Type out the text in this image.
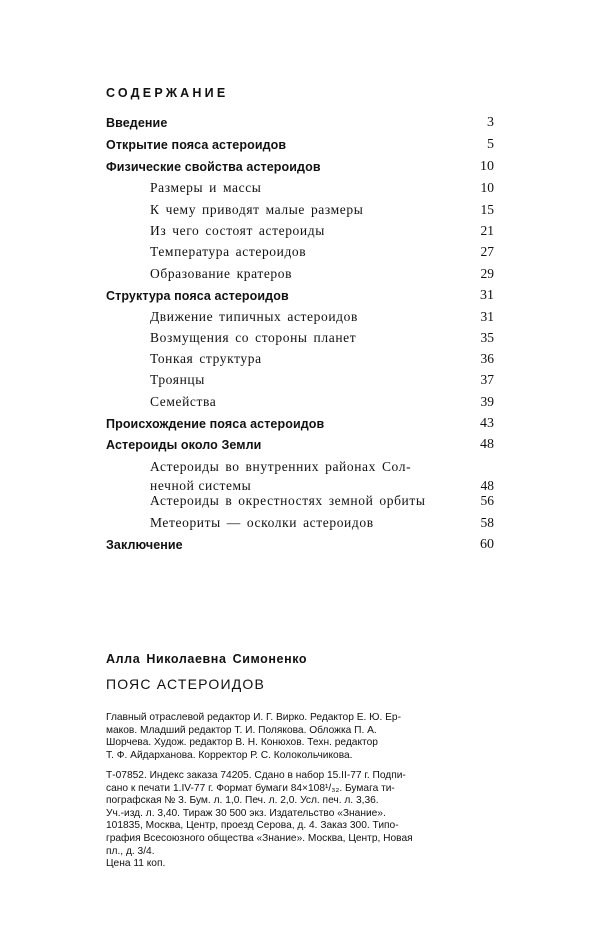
СОДЕРЖАНИЕ
Введение	3
Открытие пояса астероидов	5
Физические свойства астероидов	10
Размеры и массы	10
К чему приводят малые размеры	15
Из чего состоят астероиды	21
Температура астероидов	27
Образование кратеров	29
Структура пояса астероидов	31
Движение типичных астероидов	31
Возмущения со стороны планет	35
Тонкая структура	36
Троянцы	37
Семейства	39
Происхождение пояса астероидов	43
Астероиды около Земли	48
Астероиды во внутренних районах Сол-
нечной системы	48
Астероиды в окрестностях земной орбиты	56
Метеориты — осколки астероидов	58
Заключение	60
Алла Николаевна Симоненко
ПОЯС АСТЕРОИДОВ
Главный отраслевой редактор И. Г. Вирко. Редактор Е. Ю. Ер-
маков. Младший редактор Т. И. Полякова. Обложка П. А.
Шорчева. Худож. редактор В. Н. Конюхов. Техн. редактор
Т. Ф. Айдарханова. Корректор Р. С. Колокольчикова.
Т-07852. Индекс заказа 74205. Сдано в набор 15.II-77 г. Подпи-
сано к печати 1.IV-77 г. Формат бумаги 84×108¹/₃₂. Бумага ти-
пографская № 3. Бум. л. 1,0. Печ. л. 2,0. Усл. печ. л. 3,36.
Уч.-изд. л. 3,40. Тираж 30 500 экз. Издательство «Знание».
101835, Москва, Центр, проезд Серова, д. 4. Заказ 300. Типо-
графия Всесоюзного общества «Знание». Москва, Центр, Новая
пл., д. 3/4.
Цена 11 коп.
